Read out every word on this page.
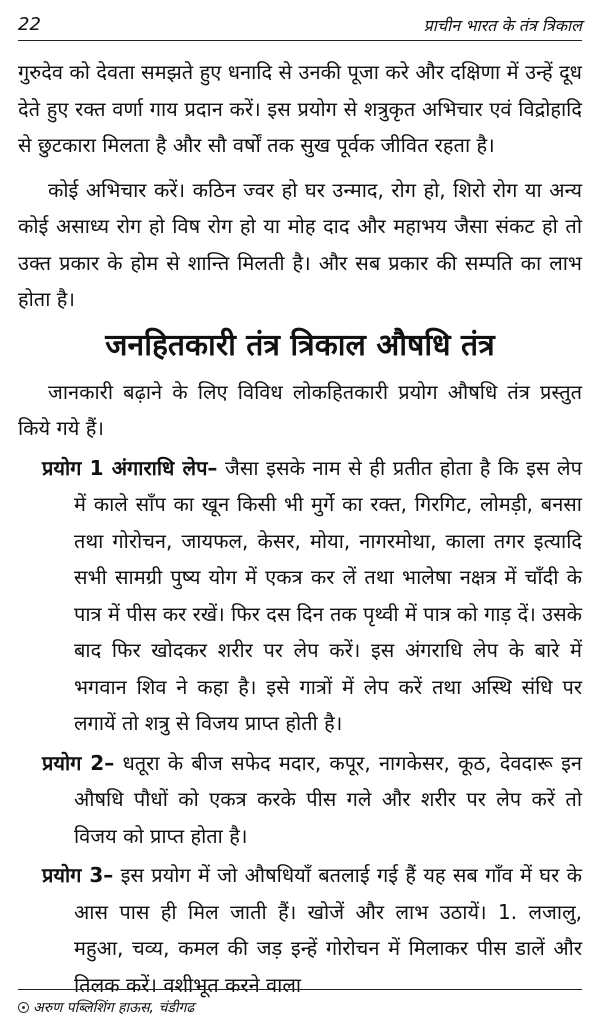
22	प्राचीन भारत के तंत्र त्रिकाल

गुरुदेव को देवता समझते हुए धनादि से उनकी पूजा करे और दक्षिणा में उन्हें दूध देते हुए रक्त वर्णा गाय प्रदान करें। इस प्रयोग से शत्रुकृत अभिचार एवं विद्रोहादि से छुटकारा मिलता है और सौ वर्षों तक सुख पूर्वक जीवित रहता है।

कोई अभिचार करें। कठिन ज्वर हो घर उन्माद, रोग हो, शिरो रोग या अन्य कोई असाध्य रोग हो विष रोग हो या मोह दाद और महाभय जैसा संकट हो तो उक्त प्रकार के होम से शान्ति मिलती है। और सब प्रकार की सम्पति का लाभ होता है।

जनहितकारी तंत्र त्रिकाल औषधि तंत्र

जानकारी बढ़ाने के लिए विविध लोकहितकारी प्रयोग औषधि तंत्र प्रस्तुत किये गये हैं।

प्रयोग 1 अंगाराधि लेप– जैसा इसके नाम से ही प्रतीत होता है कि इस लेप में काले साँप का खून किसी भी मुर्गे का रक्त, गिरगिट, लोमड़ी, बनसा तथा गोरोचन, जायफल, केसर, मोया, नागरमोथा, काला तगर इत्यादि सभी सामग्री पुष्य योग में एकत्र कर लें तथा भालेषा नक्षत्र में चाँदी के पात्र में पीस कर रखें। फिर दस दिन तक पृथ्वी में पात्र को गाड़ दें। उसके बाद फिर खोदकर शरीर पर लेप करें। इस अंगराधि लेप के बारे में भगवान शिव ने कहा है। इसे गात्रों में लेप करें तथा अस्थि संधि पर लगायें तो शत्रु से विजय प्राप्त होती है।

प्रयोग 2– धतूरा के बीज सफेद मदार, कपूर, नागकेसर, कूठ, देवदारू इन औषधि पौधों को एकत्र करके पीस गले और शरीर पर लेप करें तो विजय को प्राप्त होता है।

प्रयोग 3– इस प्रयोग में जो औषधियाँ बतलाई गई हैं यह सब गाँव में घर के आस पास ही मिल जाती हैं। खोजें और लाभ उठायें। 1. लजालु, महुआ, चव्य, कमल की जड़ इन्हें गोरोचन में मिलाकर पीस डालें और तिलक करें। वशीभूत करने वाला

अरुण पब्लिशिंग हाऊस, चंडीगढ
